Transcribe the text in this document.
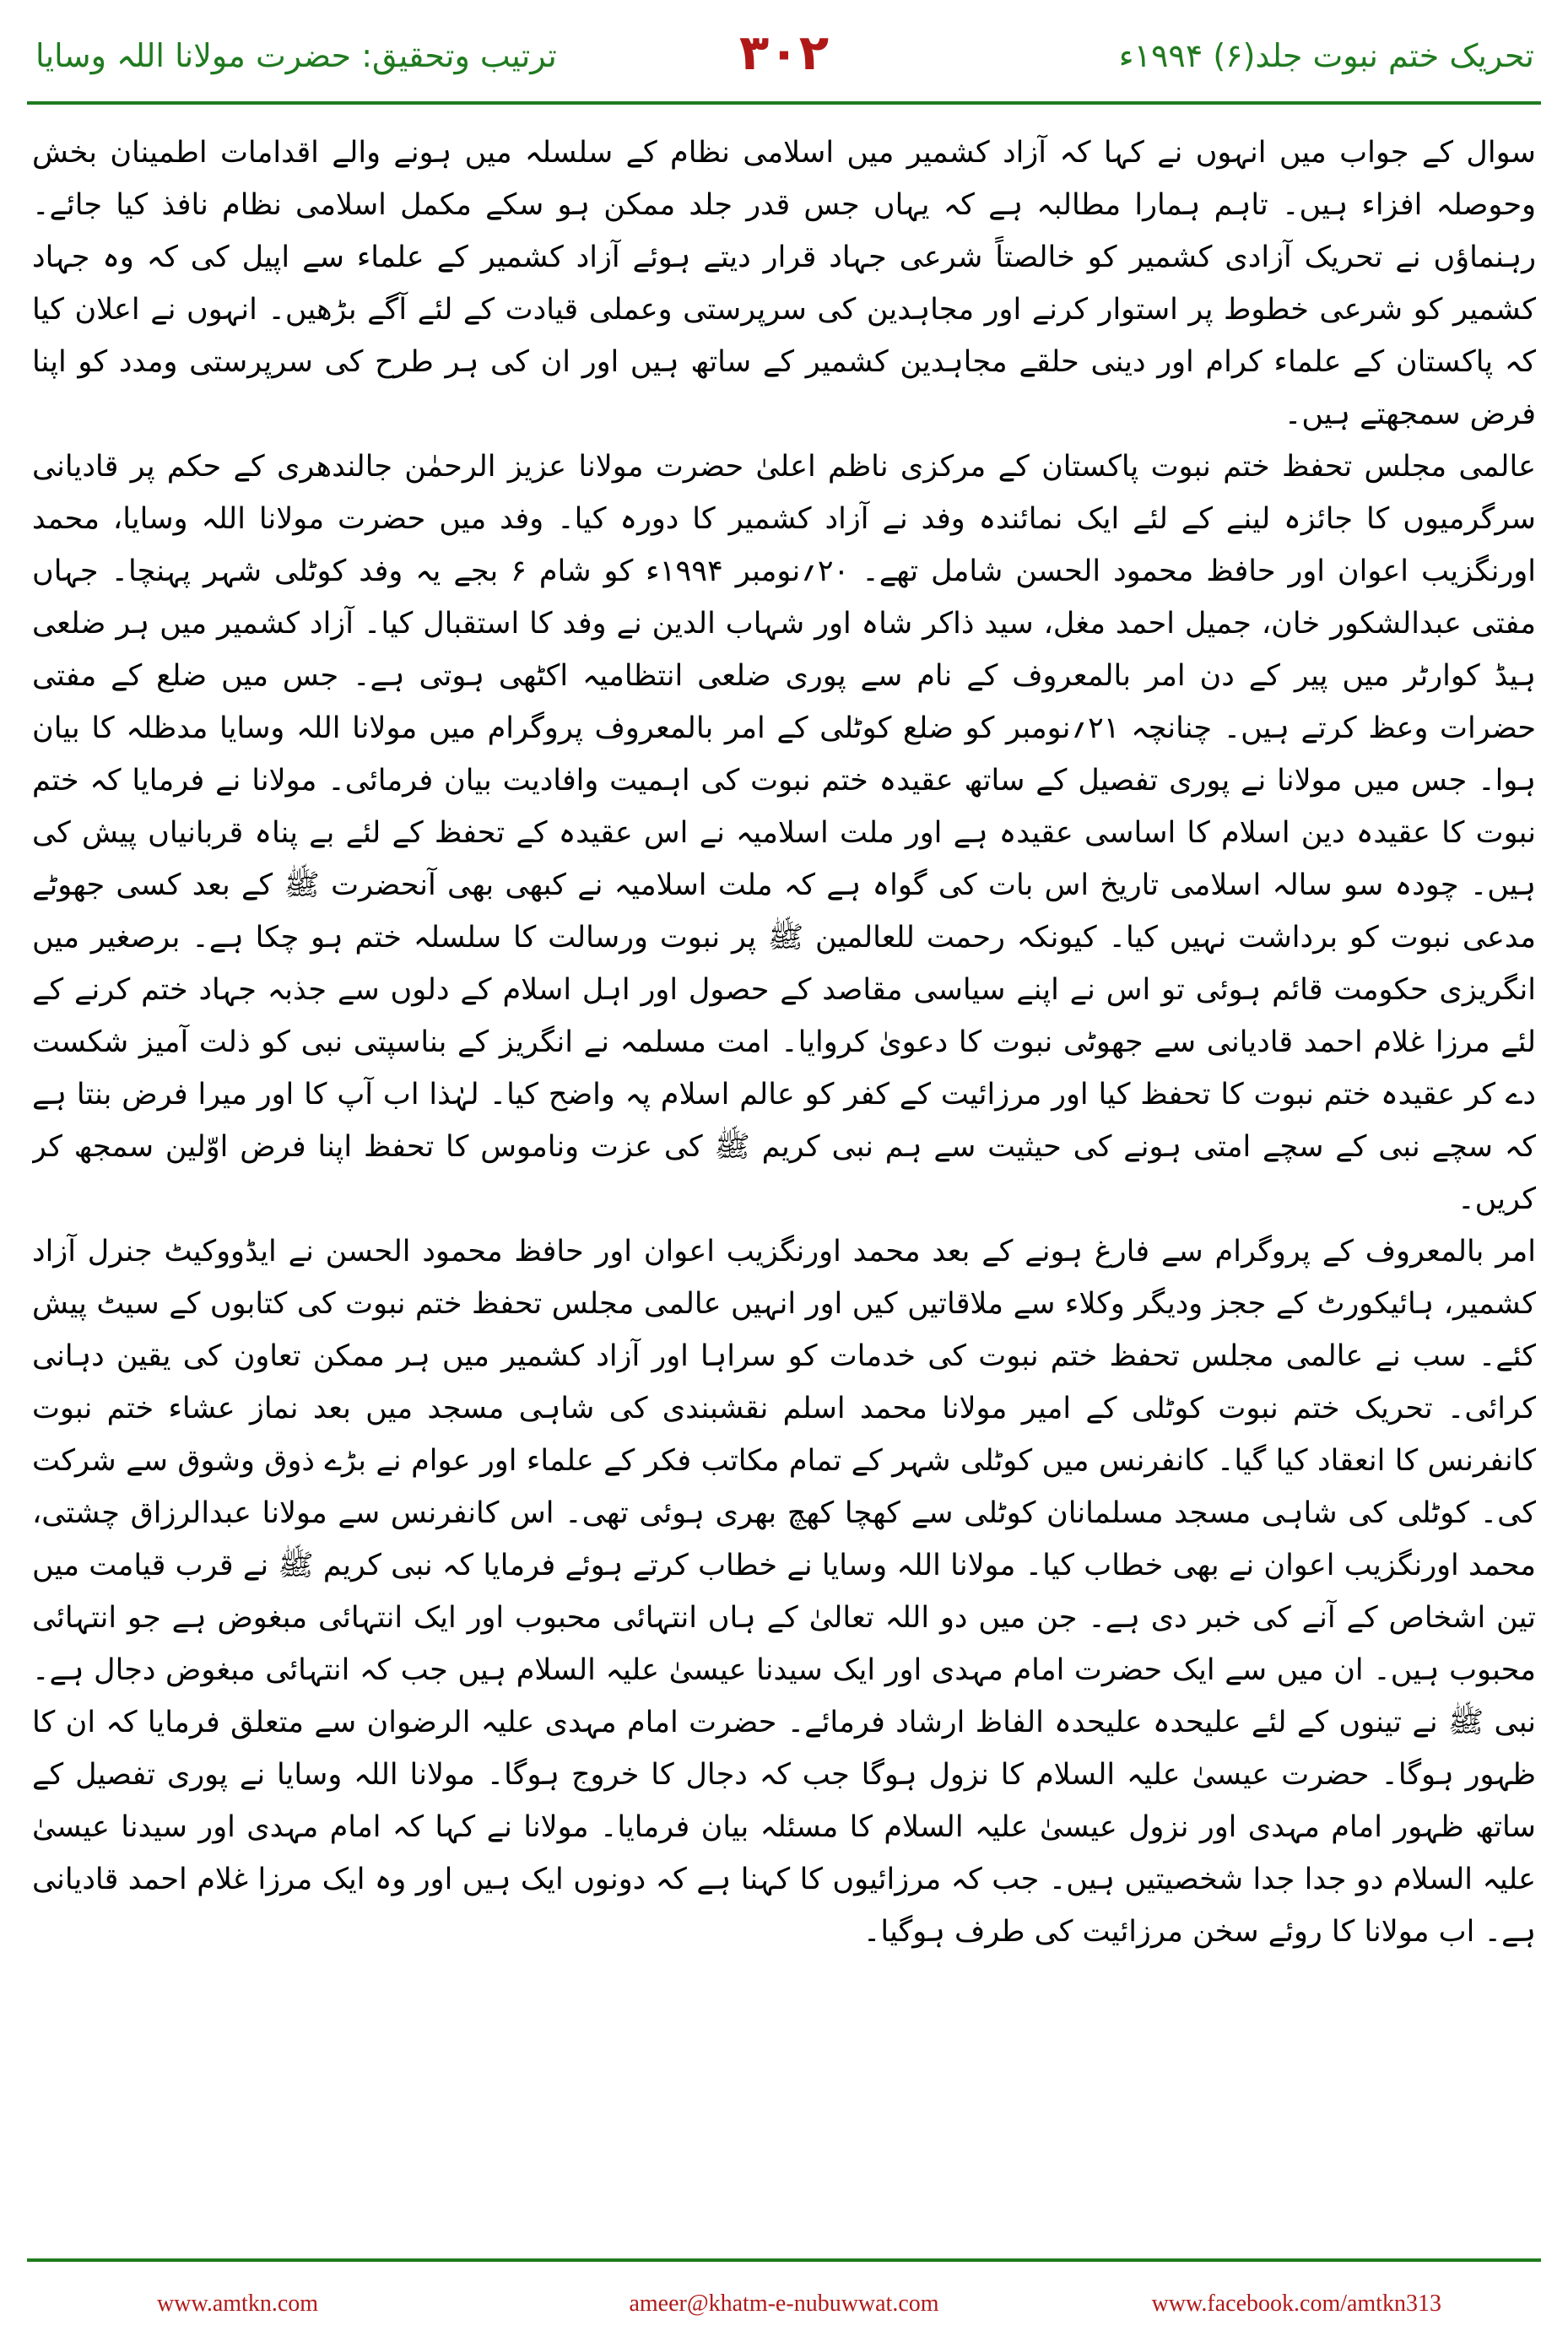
تحریک ختم نبوت جلد(۶) ۱۹۹۴ء
۳۰۲
ترتیب وتحقیق: حضرت مولانا اللہ وسایا

سوال کے جواب میں انہوں نے کہا کہ آزاد کشمیر میں اسلامی نظام کے سلسلہ میں ہونے والے اقدامات اطمینان بخش وحوصلہ افزاء ہیں۔ تاہم ہمارا مطالبہ ہے کہ یہاں جس قدر جلد ممکن ہو سکے مکمل اسلامی نظام نافذ کیا جائے۔ رہنماؤں نے تحریک آزادی کشمیر کو خالصتاً شرعی جہاد قرار دیتے ہوئے آزاد کشمیر کے علماء سے اپیل کی کہ وہ جہاد کشمیر کو شرعی خطوط پر استوار کرنے اور مجاہدین کی سرپرستی وعملی قیادت کے لئے آگے بڑھیں۔ انہوں نے اعلان کیا کہ پاکستان کے علماء کرام اور دینی حلقے مجاہدین کشمیر کے ساتھ ہیں اور ان کی ہر طرح کی سرپرستی ومدد کو اپنا فرض سمجھتے ہیں۔

عالمی مجلس تحفظ ختم نبوت پاکستان کے مرکزی ناظم اعلیٰ حضرت مولانا عزیز الرحمٰن جالندھری کے حکم پر قادیانی سرگرمیوں کا جائزہ لینے کے لئے ایک نمائندہ وفد نے آزاد کشمیر کا دورہ کیا۔ وفد میں حضرت مولانا اللہ وسایا، محمد اورنگزیب اعوان اور حافظ محمود الحسن شامل تھے۔ ۲۰؍نومبر ۱۹۹۴ء کو شام ۶ بجے یہ وفد کوٹلی شہر پہنچا۔ جہاں مفتی عبدالشکور خان، جمیل احمد مغل، سید ذاکر شاہ اور شہاب الدین نے وفد کا استقبال کیا۔ آزاد کشمیر میں ہر ضلعی ہیڈ کوارٹر میں پیر کے دن امر بالمعروف کے نام سے پوری ضلعی انتظامیہ اکٹھی ہوتی ہے۔ جس میں ضلع کے مفتی حضرات وعظ کرتے ہیں۔ چنانچہ ۲۱؍نومبر کو ضلع کوٹلی کے امر بالمعروف پروگرام میں مولانا اللہ وسایا مدظلہ کا بیان ہوا۔ جس میں مولانا نے پوری تفصیل کے ساتھ عقیدہ ختم نبوت کی اہمیت وافادیت بیان فرمائی۔ مولانا نے فرمایا کہ ختم نبوت کا عقیدہ دین اسلام کا اساسی عقیدہ ہے اور ملت اسلامیہ نے اس عقیدہ کے تحفظ کے لئے بے پناہ قربانیاں پیش کی ہیں۔ چودہ سو سالہ اسلامی تاریخ اس بات کی گواہ ہے کہ ملت اسلامیہ نے کبھی بھی آنحضرت ﷺ کے بعد کسی جھوٹے مدعی نبوت کو برداشت نہیں کیا۔ کیونکہ رحمت للعالمین ﷺ پر نبوت ورسالت کا سلسلہ ختم ہو چکا ہے۔ برصغیر میں انگریزی حکومت قائم ہوئی تو اس نے اپنے سیاسی مقاصد کے حصول اور اہل اسلام کے دلوں سے جذبہ جہاد ختم کرنے کے لئے مرزا غلام احمد قادیانی سے جھوٹی نبوت کا دعویٰ کروایا۔ امت مسلمہ نے انگریز کے بناسپتی نبی کو ذلت آمیز شکست دے کر عقیدہ ختم نبوت کا تحفظ کیا اور مرزائیت کے کفر کو عالم اسلام پہ واضح کیا۔ لہٰذا اب آپ کا اور میرا فرض بنتا ہے کہ سچے نبی کے سچے امتی ہونے کی حیثیت سے ہم نبی کریم ﷺ کی عزت وناموس کا تحفظ اپنا فرض اوّلین سمجھ کر کریں۔

امر بالمعروف کے پروگرام سے فارغ ہونے کے بعد محمد اورنگزیب اعوان اور حافظ محمود الحسن نے ایڈووکیٹ جنرل آزاد کشمیر، ہائیکورٹ کے ججز ودیگر وکلاء سے ملاقاتیں کیں اور انہیں عالمی مجلس تحفظ ختم نبوت کی کتابوں کے سیٹ پیش کئے۔ سب نے عالمی مجلس تحفظ ختم نبوت کی خدمات کو سراہا اور آزاد کشمیر میں ہر ممکن تعاون کی یقین دہانی کرائی۔ تحریک ختم نبوت کوٹلی کے امیر مولانا محمد اسلم نقشبندی کی شاہی مسجد میں بعد نماز عشاء ختم نبوت کانفرنس کا انعقاد کیا گیا۔ کانفرنس میں کوٹلی شہر کے تمام مکاتب فکر کے علماء اور عوام نے بڑے ذوق وشوق سے شرکت کی۔ کوٹلی کی شاہی مسجد مسلمانان کوٹلی سے کھچا کھچ بھری ہوئی تھی۔ اس کانفرنس سے مولانا عبدالرزاق چشتی، محمد اورنگزیب اعوان نے بھی خطاب کیا۔ مولانا اللہ وسایا نے خطاب کرتے ہوئے فرمایا کہ نبی کریم ﷺ نے قرب قیامت میں تین اشخاص کے آنے کی خبر دی ہے۔ جن میں دو اللہ تعالیٰ کے ہاں انتہائی محبوب اور ایک انتہائی مبغوض ہے جو انتہائی محبوب ہیں۔ ان میں سے ایک حضرت امام مہدی اور ایک سیدنا عیسیٰ علیہ السلام ہیں جب کہ انتہائی مبغوض دجال ہے۔ نبی ﷺ نے تینوں کے لئے علیحدہ علیحدہ الفاظ ارشاد فرمائے۔ حضرت امام مہدی علیہ الرضوان سے متعلق فرمایا کہ ان کا ظہور ہوگا۔ حضرت عیسیٰ علیہ السلام کا نزول ہوگا جب کہ دجال کا خروج ہوگا۔ مولانا اللہ وسایا نے پوری تفصیل کے ساتھ ظہور امام مہدی اور نزول عیسیٰ علیہ السلام کا مسئلہ بیان فرمایا۔ مولانا نے کہا کہ امام مہدی اور سیدنا عیسیٰ علیہ السلام دو جدا جدا شخصیتیں ہیں۔ جب کہ مرزائیوں کا کہنا ہے کہ دونوں ایک ہیں اور وہ ایک مرزا غلام احمد قادیانی ہے۔ اب مولانا کا روئے سخن مرزائیت کی طرف ہوگیا۔

www.amtkn.com	ameer@khatm-e-nubuwwat.com	www.facebook.com/amtkn313
